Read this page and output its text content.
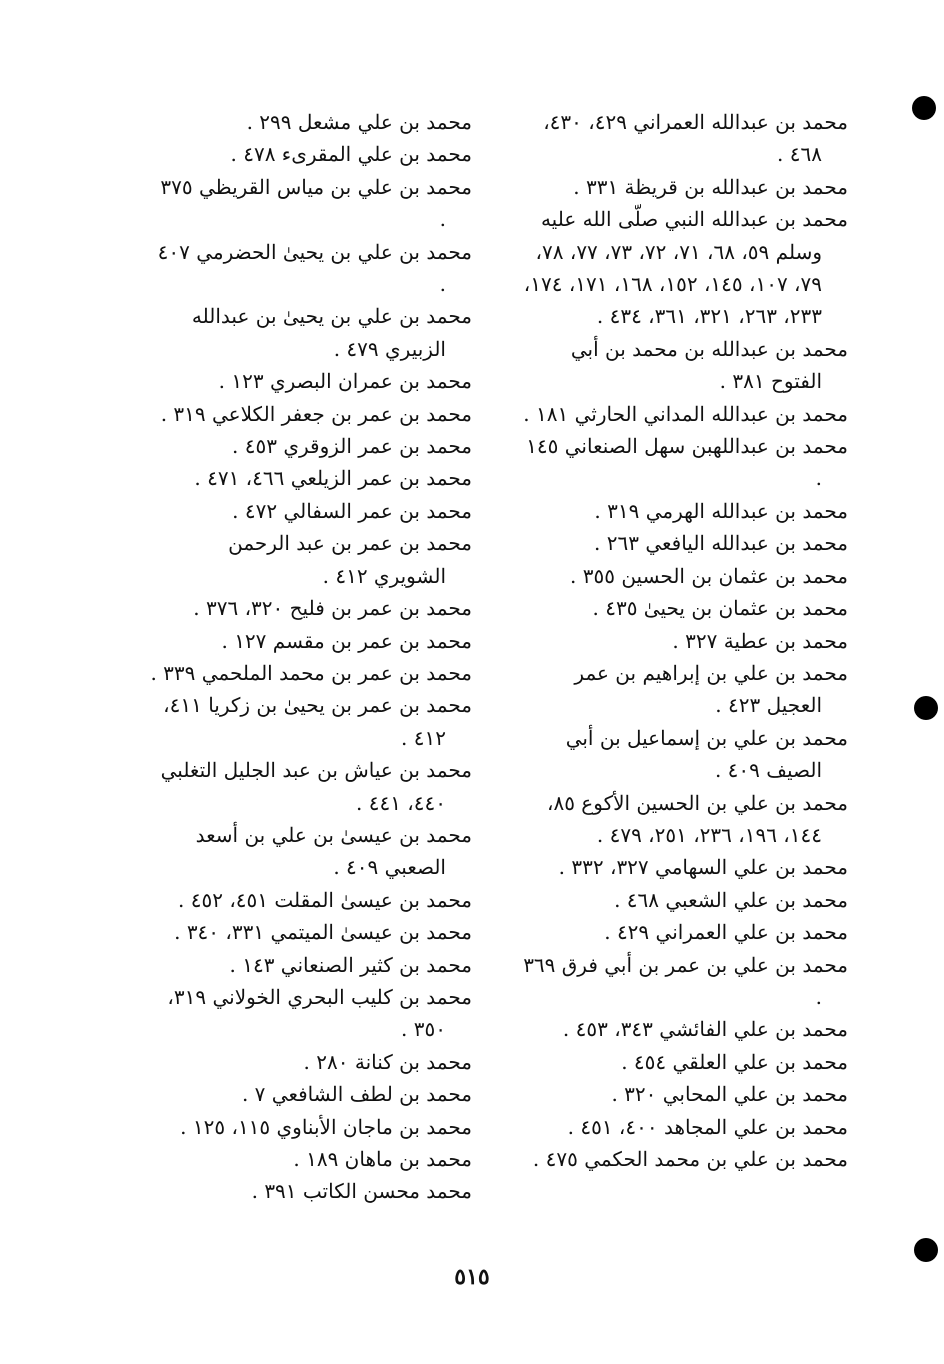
محمد بن عبدالله العمراني ٤٢٩، ٤٣٠، ٤٦٨ .

محمد بن عبدالله بن قريظة ٣٣١ .

محمد بن عبدالله النبي صلّى الله عليه وسلم ٥٩، ٦٨، ٧١، ٧٢، ٧٣، ٧٧، ٧٨، ٧٩، ١٠٧، ١٤٥، ١٥٢، ١٦٨، ١٧١، ١٧٤، ٢٣٣، ٢٦٣، ٣٢١، ٣٦١، ٤٣٤ .

محمد بن عبدالله بن محمد بن أبي الفتوح ٣٨١ .

محمد بن عبدالله المداني الحارثي ١٨١ .

محمد بن عبداللهبن سهل الصنعاني ١٤٥ .

محمد بن عبدالله الهرمي ٣١٩ .

محمد بن عبدالله اليافعي ٢٦٣ .

محمد بن عثمان بن الحسين ٣٥٥ .

محمد بن عثمان بن يحيىٰ ٤٣٥ .

محمد بن عطية ٣٢٧ .

محمد بن علي بن إبراهيم بن عمر العجيل ٤٢٣ .

محمد بن علي بن إسماعيل بن أبي الصيف ٤٠٩ .

محمد بن علي بن الحسين الأكوع ٨٥، ١٤٤، ١٩٦، ٢٣٦، ٢٥١، ٤٧٩ .

محمد بن علي السهامي ٣٢٧، ٣٣٢ .

محمد بن علي الشعبي ٤٦٨ .

محمد بن علي العمراني ٤٢٩ .

محمد بن علي بن عمر بن أبي فرق ٣٦٩ .

محمد بن علي الفائشي ٣٤٣، ٤٥٣ .

محمد بن علي العلقي ٤٥٤ .

محمد بن علي المحابي ٣٢٠ .

محمد بن علي المجاهد ٤٠٠، ٤٥١ .

محمد بن علي بن محمد الحكمي ٤٧٥ .

محمد بن علي مشعل ٢٩٩ .

محمد بن علي المقرىء ٤٧٨ .

محمد بن علي بن مياس القريظي ٣٧٥ .

محمد بن علي بن يحيىٰ الحضرمي ٤٠٧ .

محمد بن علي بن يحيىٰ بن عبدالله الزبيري ٤٧٩ .

محمد بن عمران البصري ١٢٣ .

محمد بن عمر بن جعفر الكلاعي ٣١٩ .

محمد بن عمر الزوقري ٤٥٣ .

محمد بن عمر الزيلعي ٤٦٦، ٤٧١ .

محمد بن عمر السفالي ٤٧٢ .

محمد بن عمر بن عبد الرحمن الشويري ٤١٢ .

محمد بن عمر بن فليح ٣٢٠، ٣٧٦ .

محمد بن عمر بن مقسم ١٢٧ .

محمد بن عمر بن محمد الملحمي ٣٣٩ .

محمد بن عمر بن يحيىٰ بن زكريا ٤١١، ٤١٢ .

محمد بن عياش بن عبد الجليل التغلبي ٤٤٠، ٤٤١ .

محمد بن عيسىٰ بن علي بن أسعد الصعبي ٤٠٩ .

محمد بن عيسىٰ المقلت ٤٥١، ٤٥٢ .

محمد بن عيسىٰ الميتمي ٣٣١، ٣٤٠ .

محمد بن كثير الصنعاني ١٤٣ .

محمد بن كليب البحري الخولاني ٣١٩، ٣٥٠ .

محمد بن كنانة ٢٨٠ .

محمد بن لطف الشافعي ٧ .

محمد بن ماجان الأبناوي ١١٥، ١٢٥ .

محمد بن ماهان ١٨٩ .

محمد محسن الكاتب ٣٩١ .

٥١٥
